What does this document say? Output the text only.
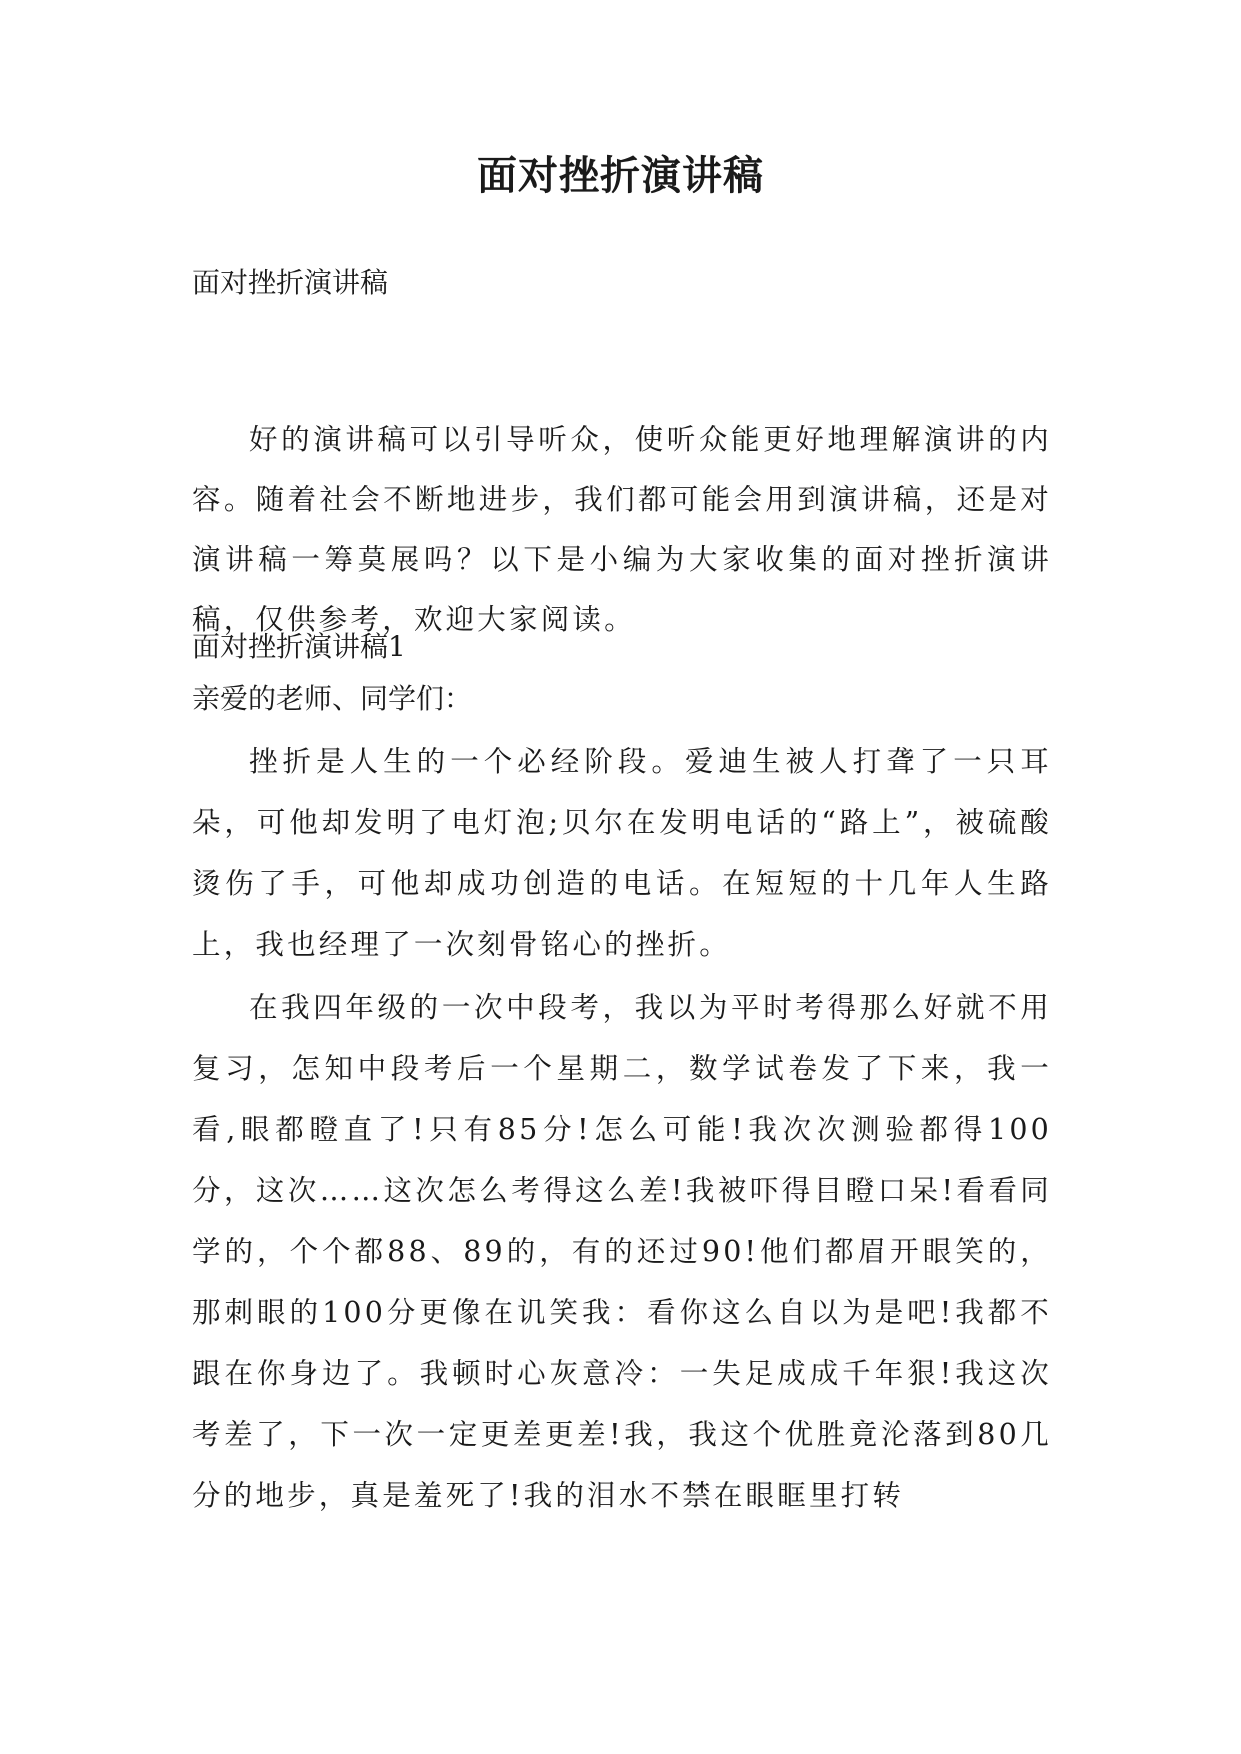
面对挫折演讲稿
面对挫折演讲稿

好的演讲稿可以引导听众，使听众能更好地理解演讲的内容。随着社会不断地进步，我们都可能会用到演讲稿，还是对演讲稿一筹莫展吗？以下是小编为大家收集的面对挫折演讲稿，仅供参考，欢迎大家阅读。

面对挫折演讲稿1
亲爱的老师、同学们：

挫折是人生的一个必经阶段。爱迪生被人打聋了一只耳朵，可他却发明了电灯泡;贝尔在发明电话的“路上”，被硫酸烫伤了手，可他却成功创造的电话。在短短的十几年人生路上，我也经理了一次刻骨铭心的挫折。

在我四年级的一次中段考，我以为平时考得那么好就不用复习，怎知中段考后一个星期二，数学试卷发了下来，我一看,眼都瞪直了!只有85分!怎么可能!我次次测验都得100分，这次……这次怎么考得这么差!我被吓得目瞪口呆!看看同学的，个个都88、89的，有的还过90!他们都眉开眼笑的，那刺眼的100分更像在讥笑我：看你这么自以为是吧!我都不跟在你身边了。我顿时心灰意冷：一失足成成千年狠!我这次考差了，下一次一定更差更差!我，我这个优胜竟沦落到80几分的地步，真是羞死了!我的泪水不禁在眼眶里打转
